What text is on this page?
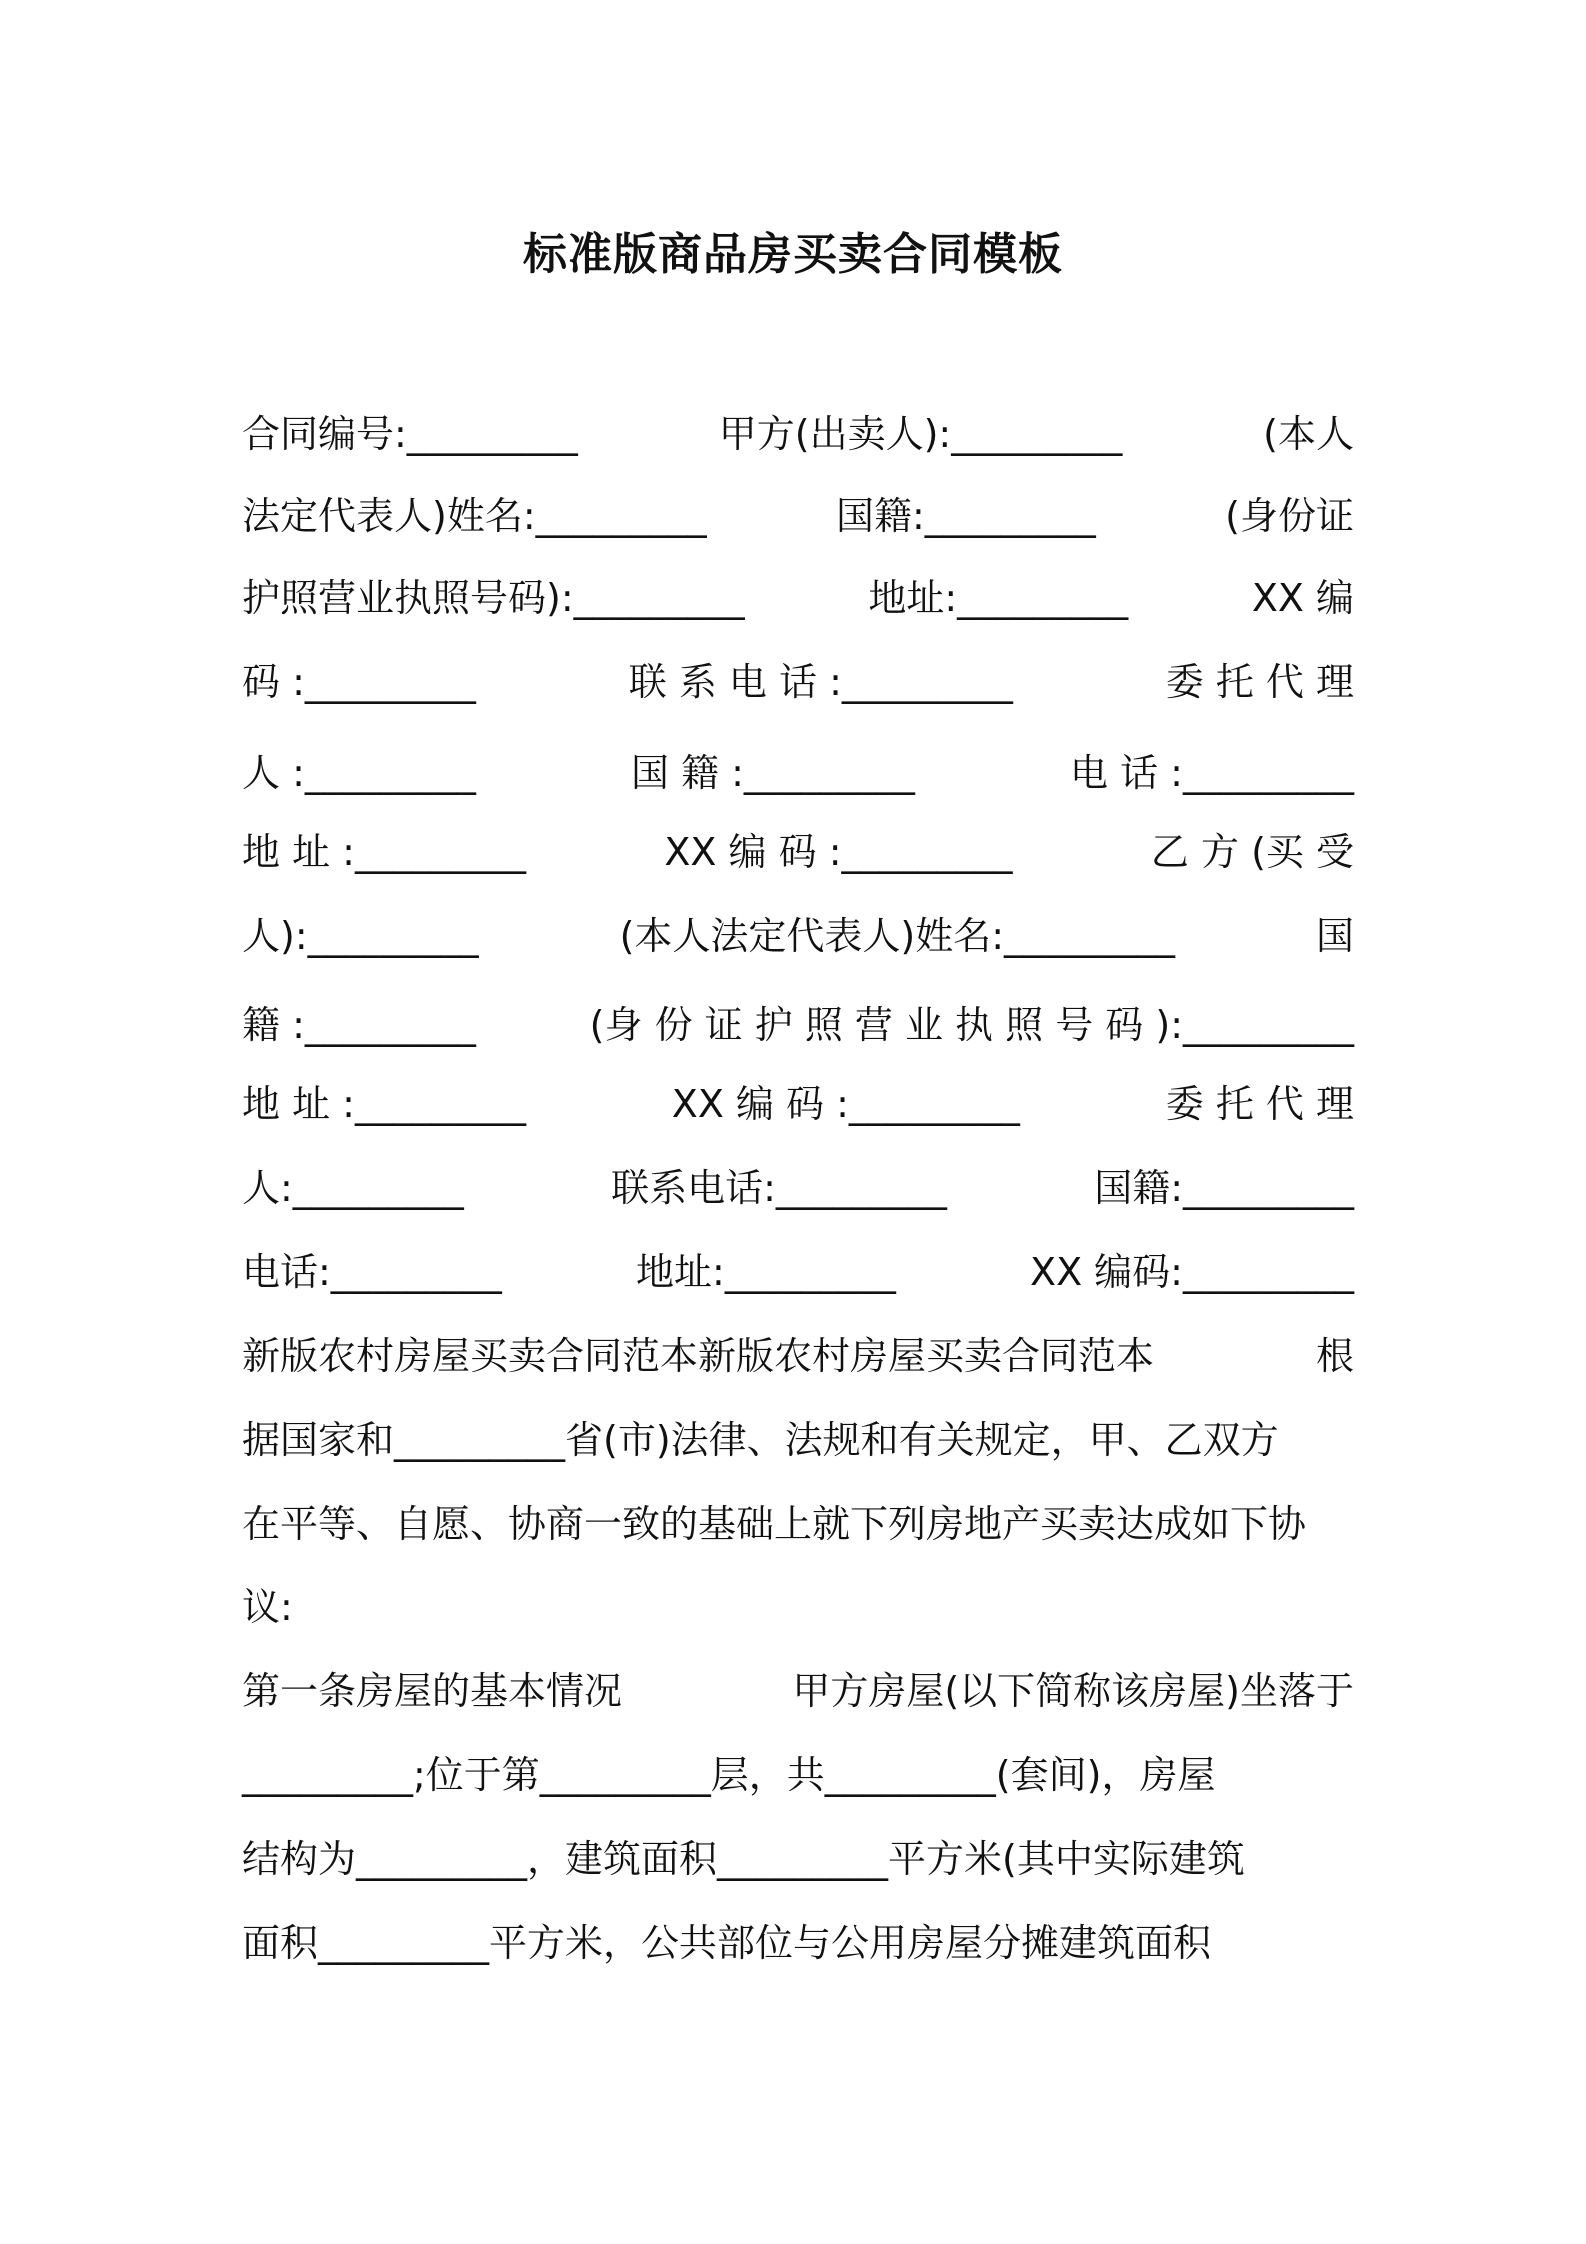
标准版商品房买卖合同模板

合同编号:_________	甲方(出卖人):_________	(本人

法定代表人)姓名:_________	国籍:_________	(身份证

护照营业执照号码):_________	地址:_________	XX 编

码 :_________	联 系 电 话 :_________	委 托 代 理

人 :_________	国 籍 :_________	电 话 :_________

地 址 :_________	XX 编 码 :_________	乙 方 (买 受

人):_________	(本人法定代表人)姓名:_________	国

籍 :_________	(身 份 证 护 照 营 业 执 照 号 码 ):_________

地 址 :_________	XX 编 码 :_________	委 托 代 理

人:_________	联系电话:_________	国籍:_________

电话:_________	地址:_________	XX 编码:_________

新版农村房屋买卖合同范本新版农村房屋买卖合同范本	根

据国家和_________省(市)法律、法规和有关规定，甲、乙双方

在平等、自愿、协商一致的基础上就下列房地产买卖达成如下协

议:

第一条房屋的基本情况	甲方房屋(以下简称该房屋)坐落于

_________;位于第_________层，共_________(套间)，房屋

结构为_________，建筑面积_________平方米(其中实际建筑

面积_________平方米，公共部位与公用房屋分摊建筑面积
